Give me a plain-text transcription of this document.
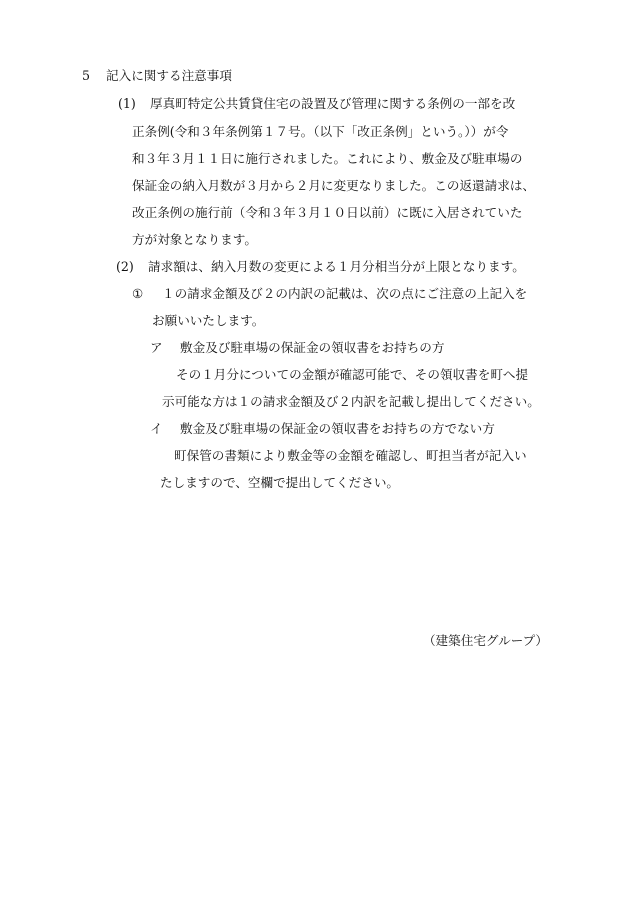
5 記入に関する注意事項

(1) 厚真町特定公共賃貸住宅の設置及び管理に関する条例の一部を改

正条例(令和３年条例第１７号。（以下「改正条例」という。））が令

和３年３月１１日に施行されました。これにより、敷金及び駐車場の

保証金の納入月数が３月から２月に変更なりました。この返還請求は、

改正条例の施行前（令和３年３月１０日以前）に既に入居されていた

方が対象となります。

(2) 請求額は、納入月数の変更による１月分相当分が上限となります。

① １の請求金額及び２の内訳の記載は、次の点にご注意の上記入を

お願いいたします。

ア 敷金及び駐車場の保証金の領収書をお持ちの方

その１月分についての金額が確認可能で、その領収書を町へ提

示可能な方は１の請求金額及び２内訳を記載し提出してください。

イ 敷金及び駐車場の保証金の領収書をお持ちの方でない方

町保管の書類により敷金等の金額を確認し、町担当者が記入い

たしますので、空欄で提出してください。

（建築住宅グループ）
